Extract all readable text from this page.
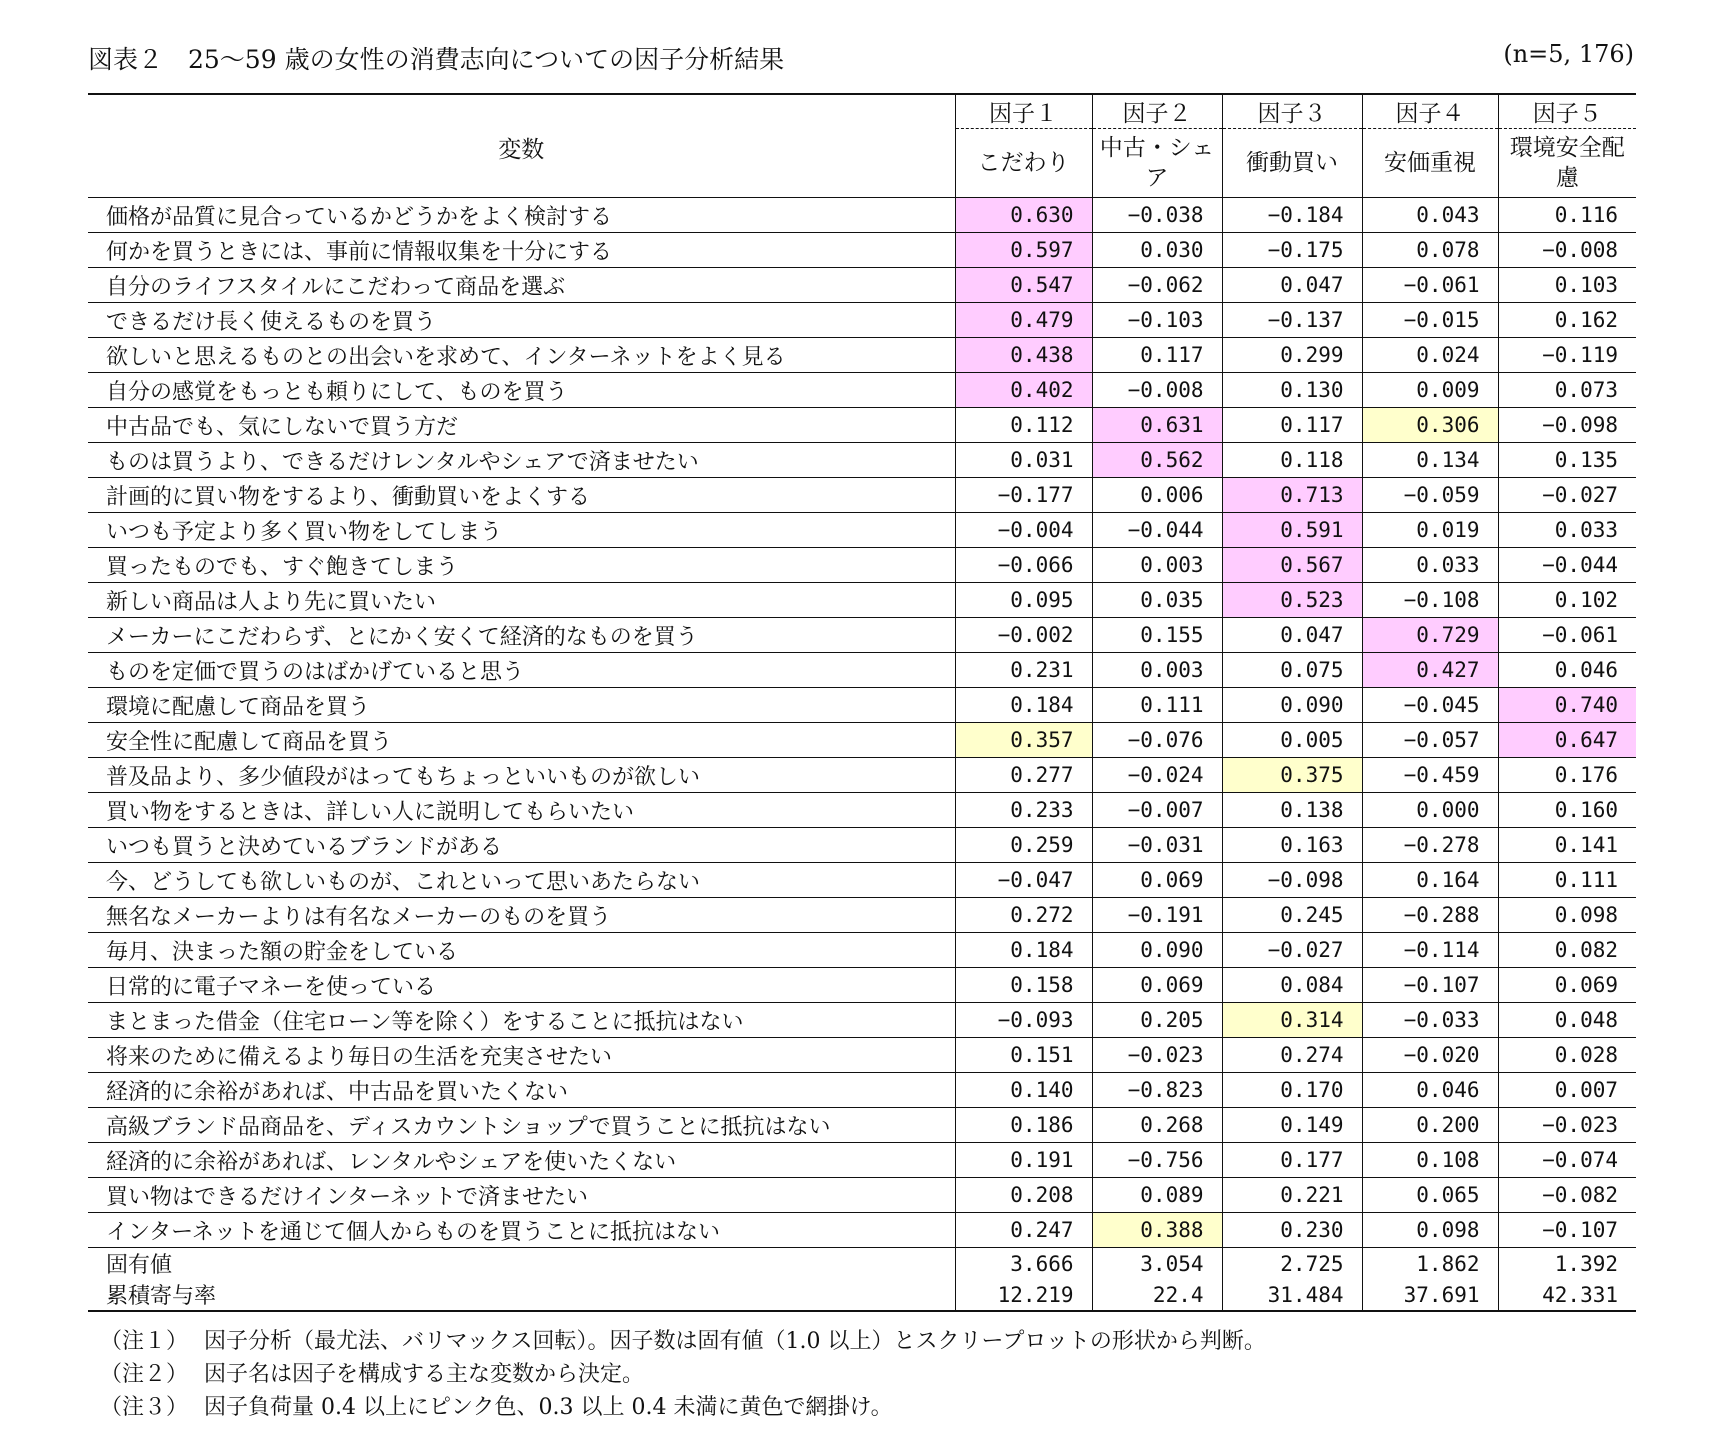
図表２　25～59 歳の女性の消費志向についての因子分析結果	(n=5, 176)
変数	因子１	因子２	因子３	因子４	因子５
	こだわり	中古・シェア	衝動買い	安価重視	環境安全配慮
価格が品質に見合っているかどうかをよく検討する	0.630	−0.038	−0.184	0.043	0.116
何かを買うときには、事前に情報収集を十分にする	0.597	0.030	−0.175	0.078	−0.008
自分のライフスタイルにこだわって商品を選ぶ	0.547	−0.062	0.047	−0.061	0.103
できるだけ長く使えるものを買う	0.479	−0.103	−0.137	−0.015	0.162
欲しいと思えるものとの出会いを求めて、インターネットをよく見る	0.438	0.117	0.299	0.024	−0.119
自分の感覚をもっとも頼りにして、ものを買う	0.402	−0.008	0.130	0.009	0.073
中古品でも、気にしないで買う方だ	0.112	0.631	0.117	0.306	−0.098
ものは買うより、できるだけレンタルやシェアで済ませたい	0.031	0.562	0.118	0.134	0.135
計画的に買い物をするより、衝動買いをよくする	−0.177	0.006	0.713	−0.059	−0.027
いつも予定より多く買い物をしてしまう	−0.004	−0.044	0.591	0.019	0.033
買ったものでも、すぐ飽きてしまう	−0.066	0.003	0.567	0.033	−0.044
新しい商品は人より先に買いたい	0.095	0.035	0.523	−0.108	0.102
メーカーにこだわらず、とにかく安くて経済的なものを買う	−0.002	0.155	0.047	0.729	−0.061
ものを定価で買うのはばかげていると思う	0.231	0.003	0.075	0.427	0.046
環境に配慮して商品を買う	0.184	0.111	0.090	−0.045	0.740
安全性に配慮して商品を買う	0.357	−0.076	0.005	−0.057	0.647
普及品より、多少値段がはってもちょっといいものが欲しい	0.277	−0.024	0.375	−0.459	0.176
買い物をするときは、詳しい人に説明してもらいたい	0.233	−0.007	0.138	0.000	0.160
いつも買うと決めているブランドがある	0.259	−0.031	0.163	−0.278	0.141
今、どうしても欲しいものが、これといって思いあたらない	−0.047	0.069	−0.098	0.164	0.111
無名なメーカーよりは有名なメーカーのものを買う	0.272	−0.191	0.245	−0.288	0.098
毎月、決まった額の貯金をしている	0.184	0.090	−0.027	−0.114	0.082
日常的に電子マネーを使っている	0.158	0.069	0.084	−0.107	0.069
まとまった借金（住宅ローン等を除く）をすることに抵抗はない	−0.093	0.205	0.314	−0.033	0.048
将来のために備えるより毎日の生活を充実させたい	0.151	−0.023	0.274	−0.020	0.028
経済的に余裕があれば、中古品を買いたくない	0.140	−0.823	0.170	0.046	0.007
高級ブランド品商品を、ディスカウントショップで買うことに抵抗はない	0.186	0.268	0.149	0.200	−0.023
経済的に余裕があれば、レンタルやシェアを使いたくない	0.191	−0.756	0.177	0.108	−0.074
買い物はできるだけインターネットで済ませたい	0.208	0.089	0.221	0.065	−0.082
インターネットを通じて個人からものを買うことに抵抗はない	0.247	0.388	0.230	0.098	−0.107
固有値	3.666	3.054	2.725	1.862	1.392
累積寄与率	12.219	22.4	31.484	37.691	42.331
（注１） 因子分析（最尤法、バリマックス回転）。因子数は固有値（1.0 以上）とスクリープロットの形状から判断。
（注２） 因子名は因子を構成する主な変数から決定。
（注３） 因子負荷量 0.4 以上にピンク色、0.3 以上 0.4 未満に黄色で網掛け。
